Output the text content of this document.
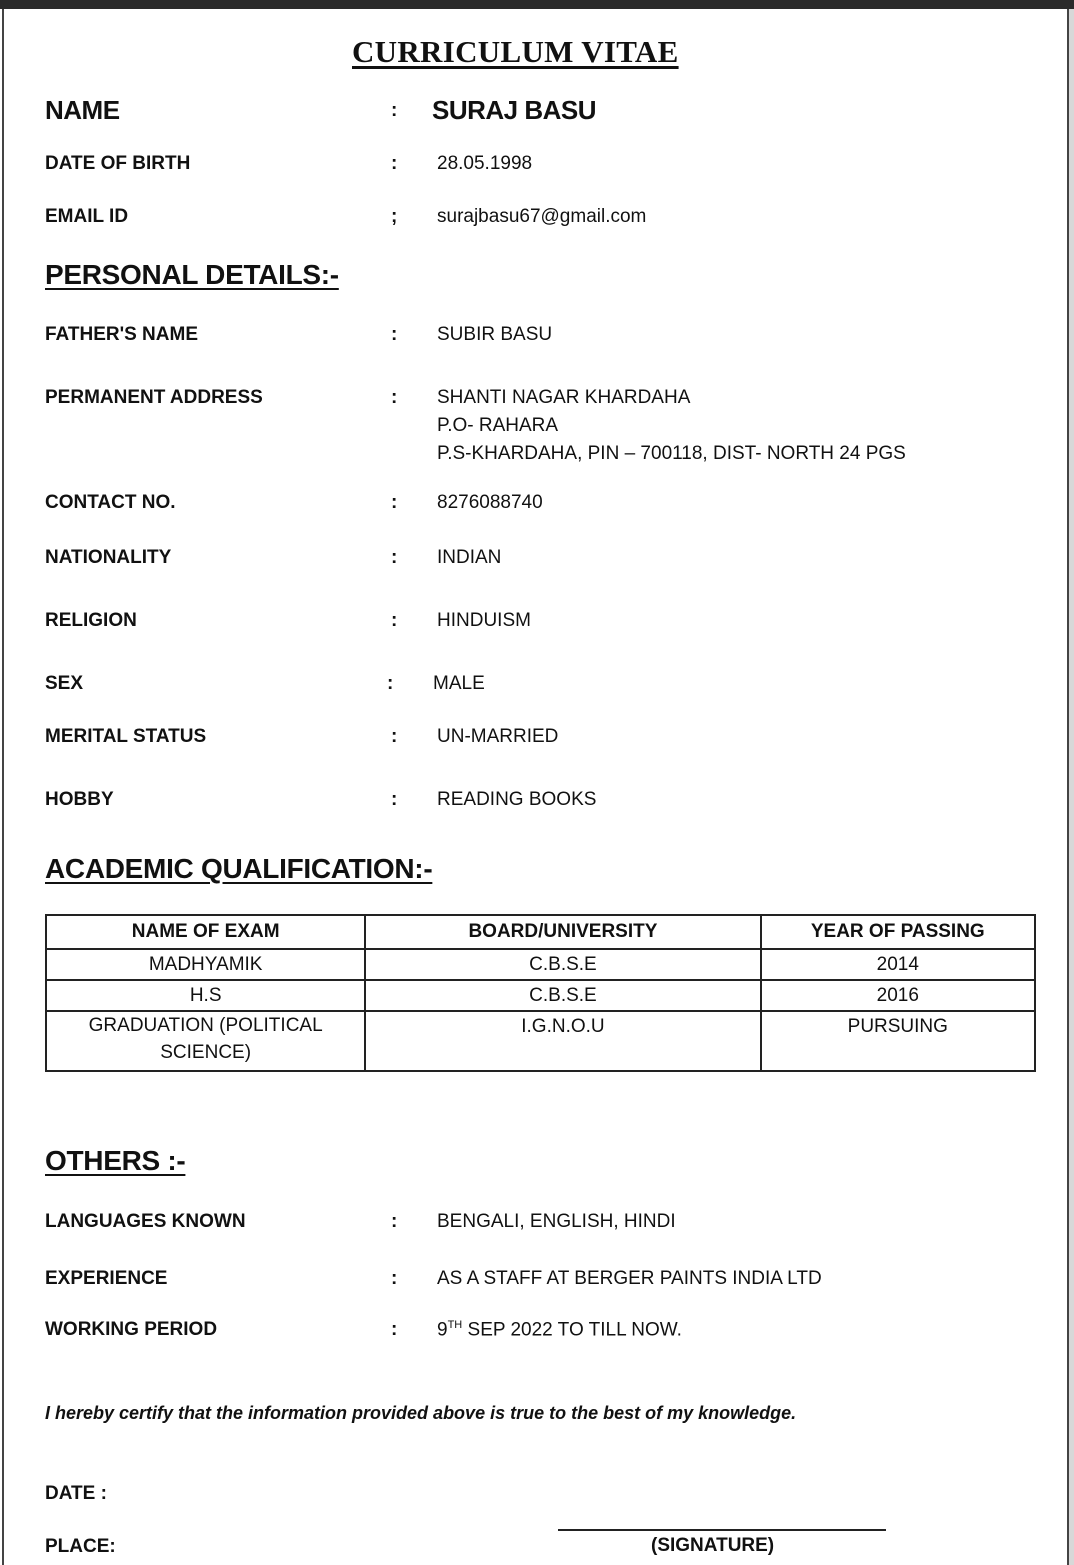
CURRICULUM VITAE
NAME	: SURAJ BASU
DATE OF BIRTH	: 28.05.1998
EMAIL ID	; surajbasu67@gmail.com
PERSONAL DETAILS:-
FATHER'S NAME	: SUBIR BASU
PERMANENT ADDRESS	: SHANTI NAGAR KHARDAHA
P.O- RAHARA
P.S-KHARDAHA, PIN – 700118, DIST- NORTH 24 PGS
CONTACT NO.	: 8276088740
NATIONALITY	: INDIAN
RELIGION	: HINDUISM
SEX	: MALE
MERITAL STATUS	: UN-MARRIED
HOBBY	: READING BOOKS
ACADEMIC QUALIFICATION:-
NAME OF EXAM	BOARD/UNIVERSITY	YEAR OF PASSING
MADHYAMIK	C.B.S.E	2014
H.S	C.B.S.E	2016
GRADUATION (POLITICAL SCIENCE)	I.G.N.O.U	PURSUING
OTHERS :-
LANGUAGES KNOWN	: BENGALI, ENGLISH, HINDI
EXPERIENCE	: AS A STAFF AT BERGER PAINTS INDIA LTD
WORKING PERIOD	: 9TH SEP 2022 TO TILL NOW.
I hereby certify that the information provided above is true to the best of my knowledge.
DATE :
PLACE:	(SIGNATURE)
